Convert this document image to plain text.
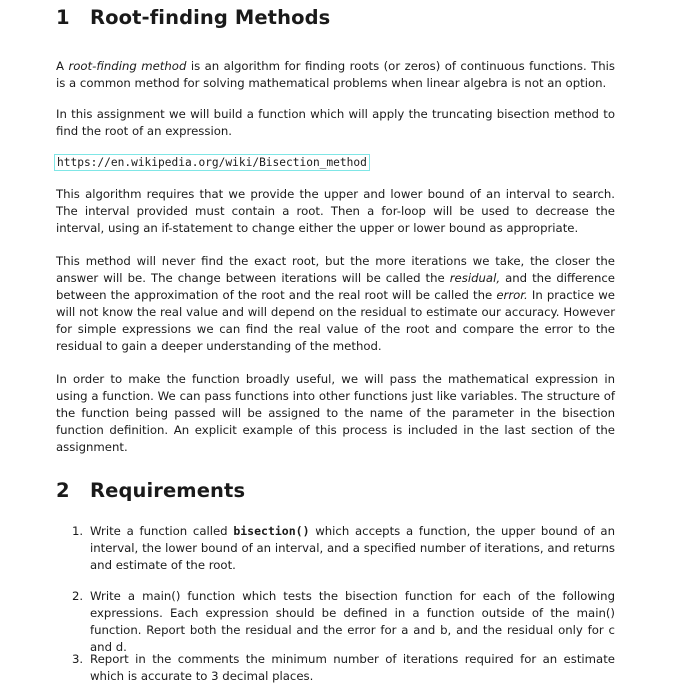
1 Root-finding Methods

A root-finding method is an algorithm for finding roots (or zeros) of continuous functions. This is a common method for solving mathematical problems when linear algebra is not an option.

In this assignment we will build a function which will apply the truncating bisection method to find the root of an expression.

https://en.wikipedia.org/wiki/Bisection_method

This algorithm requires that we provide the upper and lower bound of an interval to search. The interval provided must contain a root. Then a for-loop will be used to decrease the interval, using an if-statement to change either the upper or lower bound as appropriate.

This method will never find the exact root, but the more iterations we take, the closer the answer will be. The change between iterations will be called the residual, and the difference between the approximation of the root and the real root will be called the error. In practice we will not know the real value and will depend on the residual to estimate our accuracy. However for simple expressions we can find the real value of the root and compare the error to the residual to gain a deeper understanding of the method.

In order to make the function broadly useful, we will pass the mathematical expression in using a function. We can pass functions into other functions just like variables. The structure of the function being passed will be assigned to the name of the parameter in the bisection function definition. An explicit example of this process is included in the last section of the assignment.

2 Requirements
1. Write a function called bisection() which accepts a function, the upper bound of an interval, the lower bound of an interval, and a specified number of iterations, and returns and estimate of the root.
2. Write a main() function which tests the bisection function for each of the following expressions. Each expression should be defined in a function outside of the main() function. Report both the residual and the error for a and b, and the residual only for c and d.
3. Report in the comments the minimum number of iterations required for an estimate which is accurate to 3 decimal places.
